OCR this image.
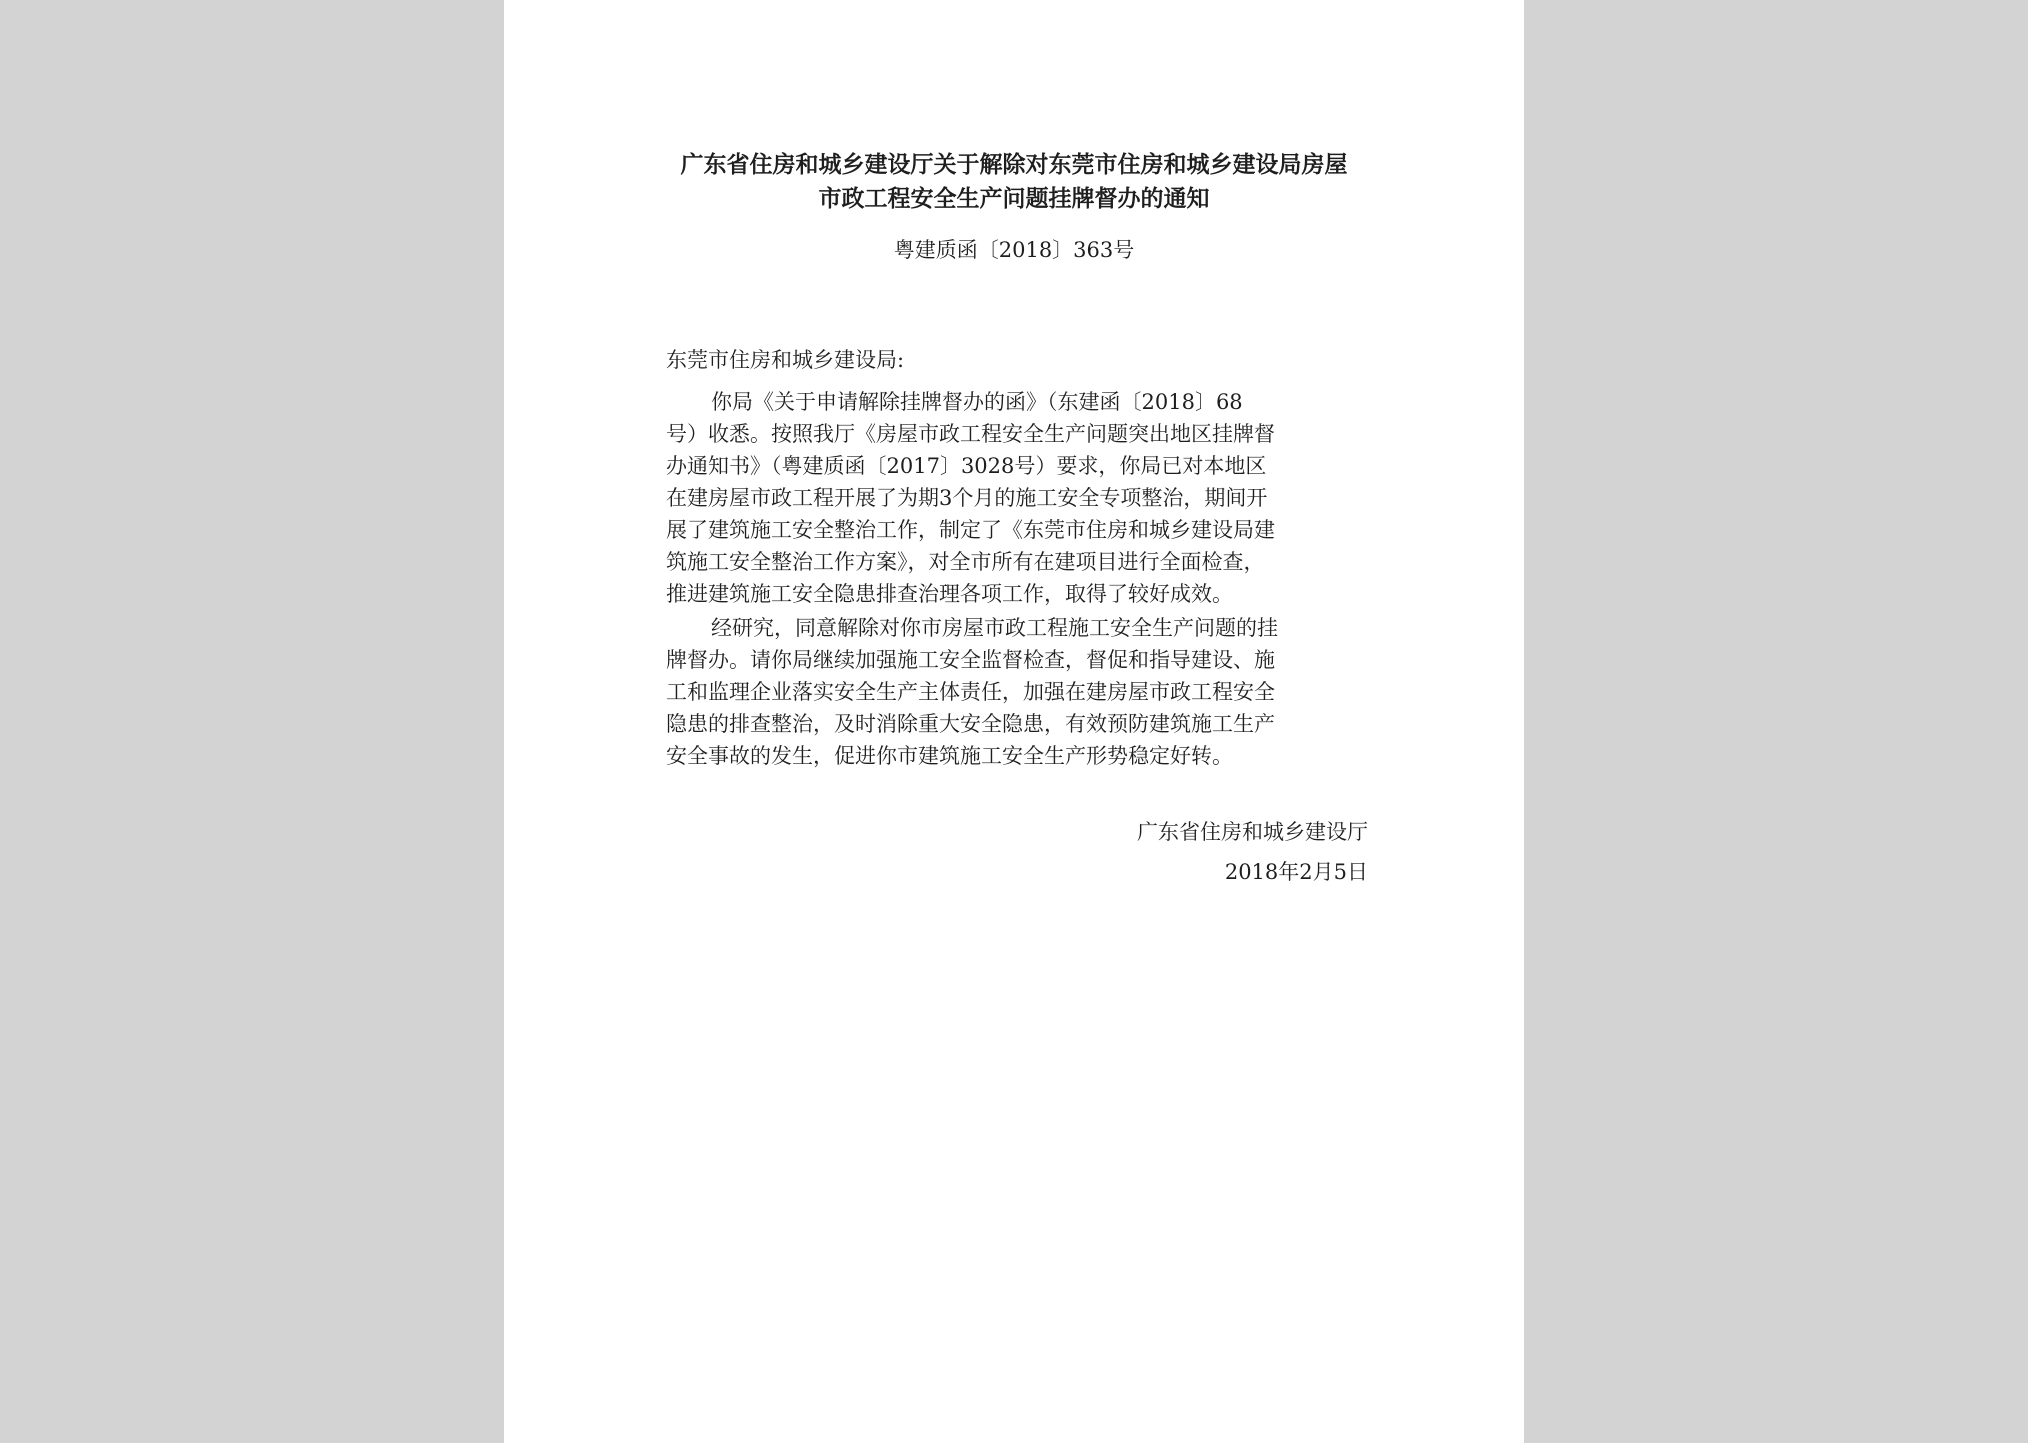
广东省住房和城乡建设厅关于解除对东莞市住房和城乡建设局房屋
市政工程安全生产问题挂牌督办的通知
粤建质函〔2018〕363号
东莞市住房和城乡建设局:
你局《关于申请解除挂牌督办的函》（东建函〔2018〕68
号）收悉。按照我厅《房屋市政工程安全生产问题突出地区挂牌督
办通知书》（粤建质函〔2017〕3028号）要求，你局已对本地区
在建房屋市政工程开展了为期3个月的施工安全专项整治，期间开
展了建筑施工安全整治工作，制定了《东莞市住房和城乡建设局建
筑施工安全整治工作方案》，对全市所有在建项目进行全面检查，
推进建筑施工安全隐患排查治理各项工作，取得了较好成效。
经研究，同意解除对你市房屋市政工程施工安全生产问题的挂
牌督办。请你局继续加强施工安全监督检查，督促和指导建设、施
工和监理企业落实安全生产主体责任，加强在建房屋市政工程安全
隐患的排查整治，及时消除重大安全隐患，有效预防建筑施工生产
安全事故的发生，促进你市建筑施工安全生产形势稳定好转。
广东省住房和城乡建设厅
2018年2月5日
